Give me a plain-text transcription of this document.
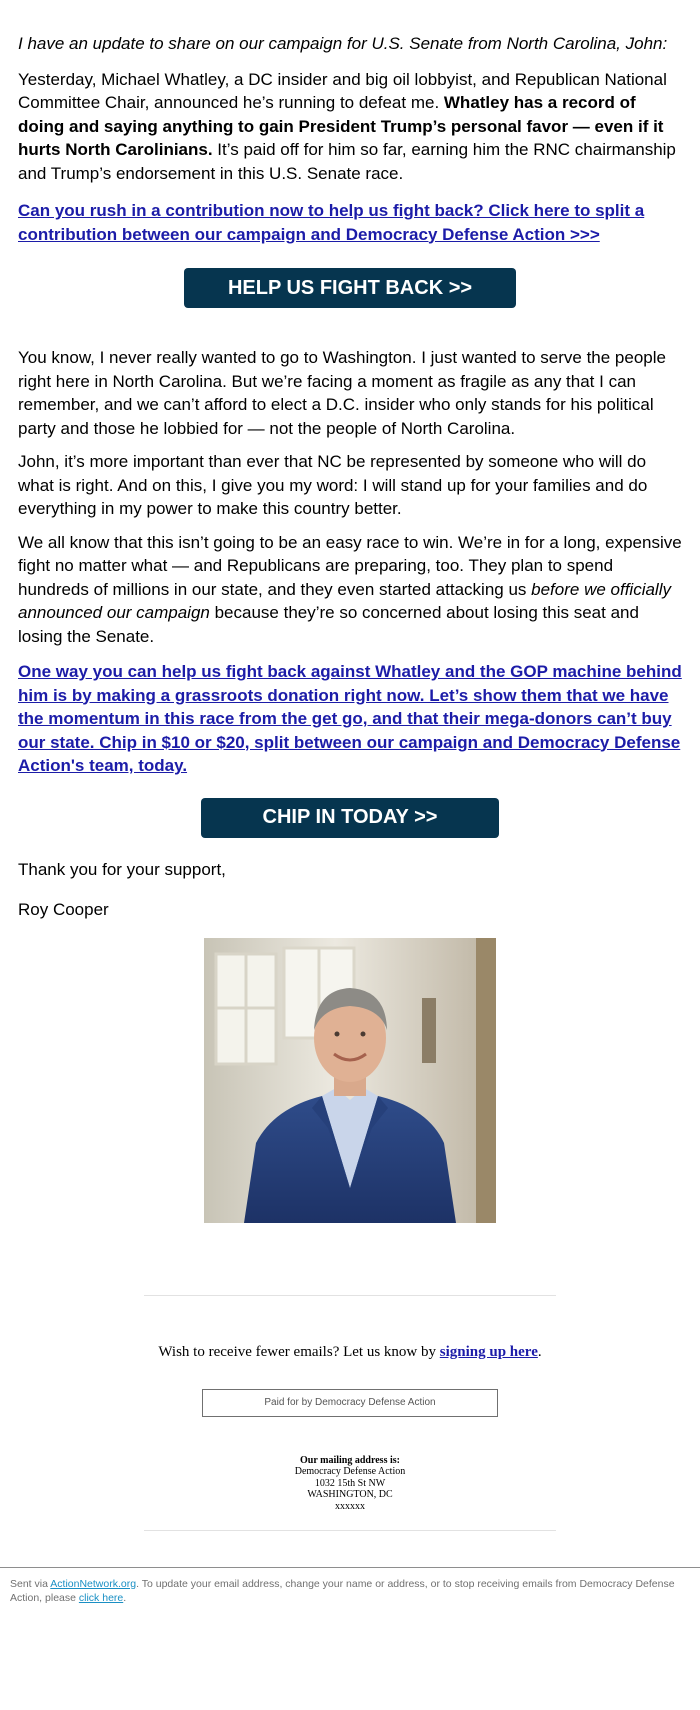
I have an update to share on our campaign for U.S. Senate from North Carolina, John:

Yesterday, Michael Whatley, a DC insider and big oil lobbyist, and Republican National Committee Chair, announced he’s running to defeat me. Whatley has a record of doing and saying anything to gain President Trump’s personal favor — even if it hurts North Carolinians. It’s paid off for him so far, earning him the RNC chairmanship and Trump’s endorsement in this U.S. Senate race.

Can you rush in a contribution now to help us fight back? Click here to split a contribution between our campaign and Democracy Defense Action >>>

HELP US FIGHT BACK >>

You know, I never really wanted to go to Washington. I just wanted to serve the people right here in North Carolina. But we’re facing a moment as fragile as any that I can remember, and we can’t afford to elect a D.C. insider who only stands for his political party and those he lobbied for — not the people of North Carolina.

John, it’s more important than ever that NC be represented by someone who will do what is right. And on this, I give you my word: I will stand up for your families and do everything in my power to make this country better.

We all know that this isn’t going to be an easy race to win. We’re in for a long, expensive fight no matter what — and Republicans are preparing, too. They plan to spend hundreds of millions in our state, and they even started attacking us before we officially announced our campaign because they’re so concerned about losing this seat and losing the Senate.

One way you can help us fight back against Whatley and the GOP machine behind him is by making a grassroots donation right now. Let’s show them that we have the momentum in this race from the get go, and that their mega-donors can’t buy our state. Chip in $10 or $20, split between our campaign and Democracy Defense Action's team, today.

CHIP IN TODAY >>

Thank you for your support,

Roy Cooper

Wish to receive fewer emails? Let us know by signing up here.

Paid for by Democracy Defense Action

Our mailing address is:
Democracy Defense Action
1032 15th St NW
WASHINGTON, DC
xxxxxx

Sent via ActionNetwork.org. To update your email address, change your name or address, or to stop receiving emails from Democracy Defense Action, please click here.
